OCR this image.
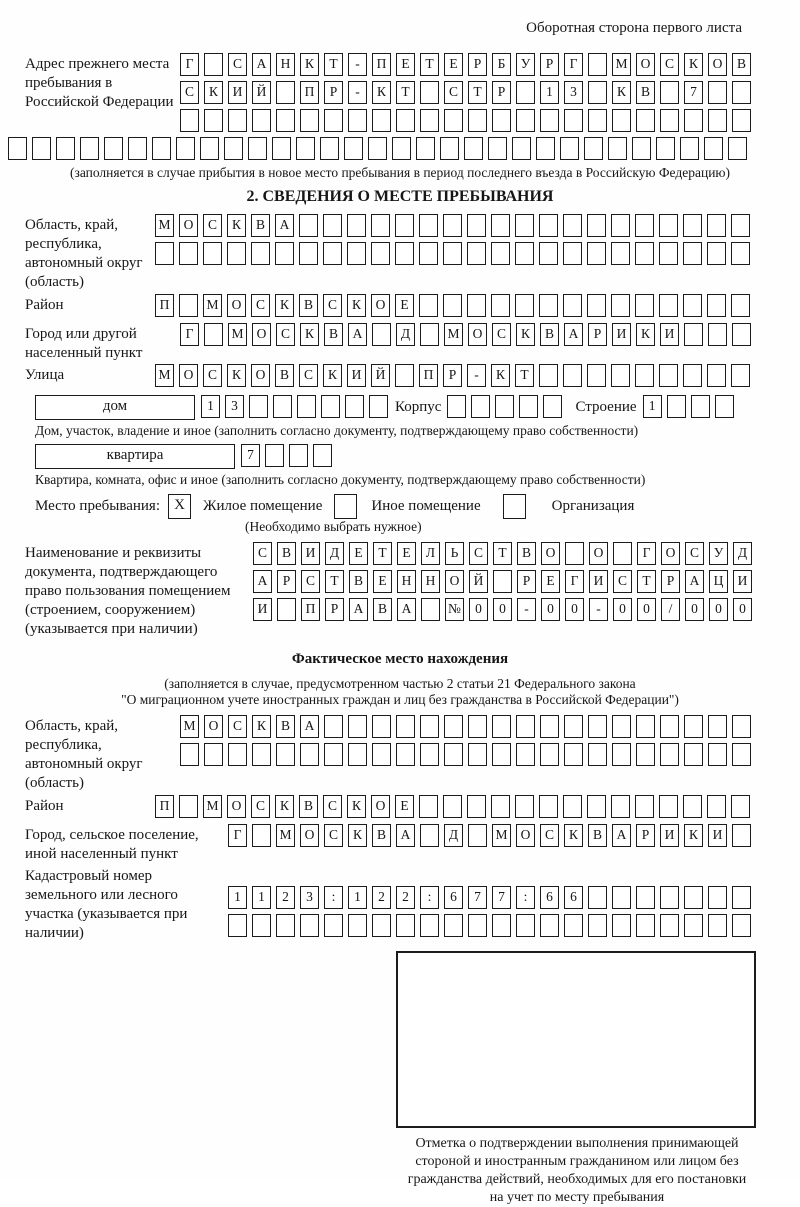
Оборотная сторона первого листа
Адрес прежнего места пребывания в Российской Федерации
Г	С	А	Н	К	Т	-	П	Е	Т	Е	Р	Б	У	Р	Г	М О	С	К	О	В
С	К	И	Й	П	Р	-	К	Т	С	Т	Р	1	3	К	В	7
(заполняется в случае прибытия в новое место пребывания в период последнего въезда в Российскую Федерацию)
2. СВЕДЕНИЯ О МЕСТЕ ПРЕБЫВАНИЯ
Область, край, республика, автономный округ (область)
М О	С	К	В	А
Район	П	М О	С	К	В	С	К	О	Е
Город или другой населенный пункт
Г	М О	С	К	В	А	Д	М О	С	К	В	А	Р	И	К	И
Улица	М О	С	К	О	В	С	К	И	Й	П	Р	-	К	Т
дом	1	3	Корпус	Строение 1
Дом, участок, владение и иное (заполнить согласно документу, подтверждающему право собственности)
квартира	7
Квартира, комната, офис и иное (заполнить согласно документу, подтверждающему право собственности)
Место пребывания: X	Жилое помещение	Иное помещение	Организация
(Необходимо выбрать нужное)
Наименование и реквизиты документа, подтверждающего право пользования помещением (строением, сооружением) (указывается при наличии)
С	В	И	Д	Е	Т	Е	Л	Ь	С	Т	В	О	О	Г	О	С	У	Д
А	Р	С	Т	В	Е	Н	Н	О	Й	Р	Е	Г	И	С	Т	Р	А	Ц	И
И	П	Р	А	В	А	№	0	0	-	0	0	-	0	0	/	0	0	0
Фактическое место нахождения
(заполняется в случае, предусмотренном частью 2 статьи 21 Федерального закона
"О миграционном учете иностранных граждан и лиц без гражданства в Российской Федерации")
Область, край, республика, автономный округ (область)
М О	С	К	В	А
Район	П	М О	С	К	В	С	К	О	Е
Город, сельское поселение, иной населенный пункт
Г	М О	С	К	В	А	Д	М О	С	К	В	А	Р	И	К	И
Кадастровый номер земельного или лесного участка (указывается при наличии)
1	1	2	3	:	1	2	2	:	6	7	7	:	6	6
Отметка о подтверждении выполнения принимающей
стороной и иностранным гражданином или лицом без
гражданства действий, необходимых для его постановки
на учет по месту пребывания
